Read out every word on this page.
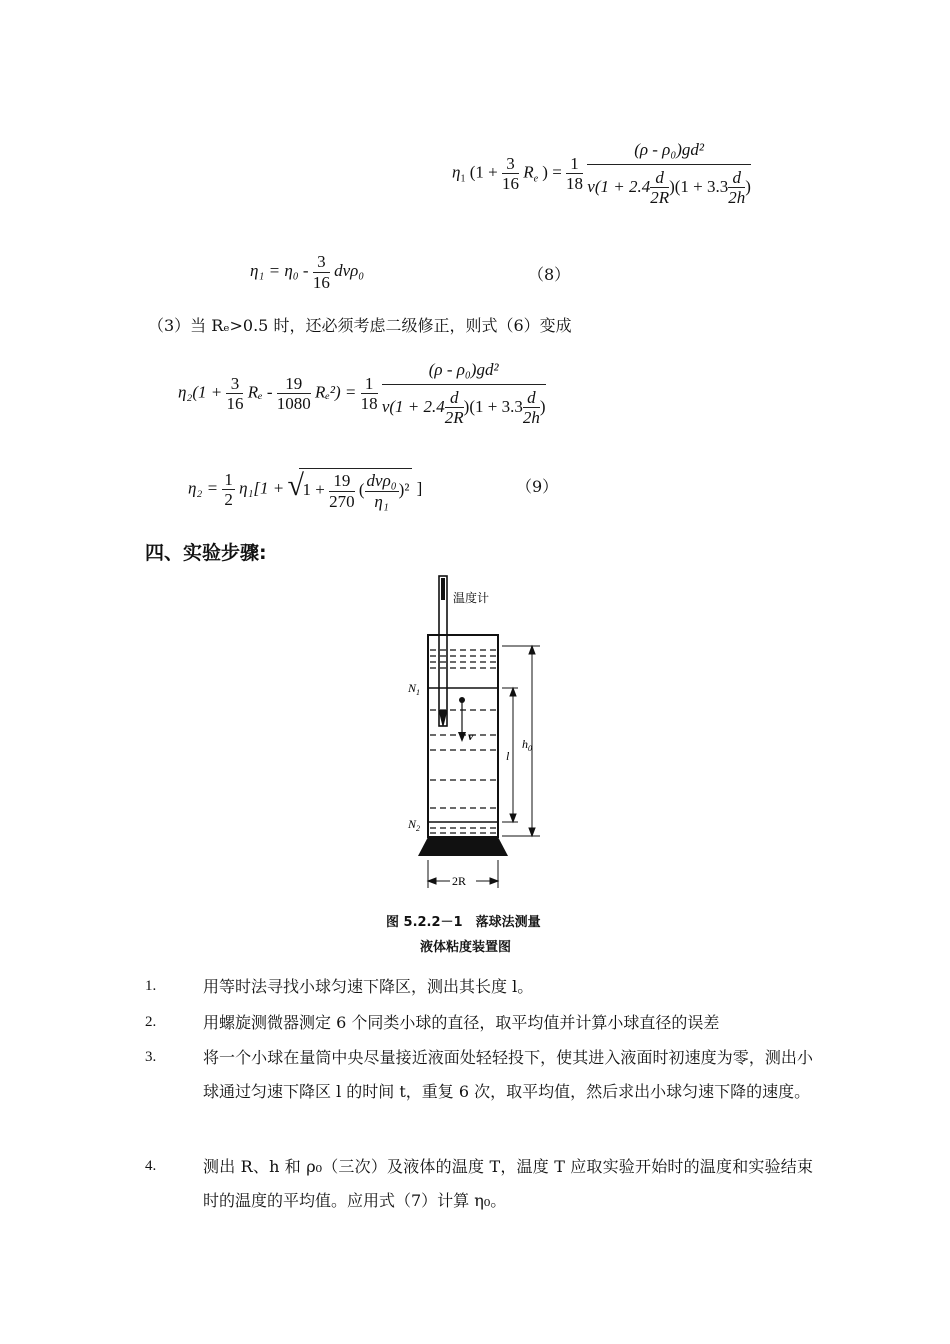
$\eta_1$ ($1 + \frac{3}{16} R_e$ ) = $\frac{1}{18}$
$\frac{\text{(ρ - ρ₀)gd²}}{v(1 + 2.4 \frac{d}{2R} )(1 + 3.3 \frac{d}{2h} )}$
$\eta_1 = \eta_0 - \frac{3}{16} dv\rho_0$	（8）
（3）当 Rₑ>0.5 时，还必须考虑二级修正，则式（6）变成
$\eta_2(1 + \frac{3}{16}$ $R_e - \frac{19}{1080} R_e^2) = \frac{1}{18}$
$\frac{\text{(ρ - ρ₀)gd²}}{v(1 + 2.4 \frac{d}{2R} )(1 + 3.3 \frac{d}{2h} )}$
$\eta_2 = \frac{1}{2} \eta_1[1$ + √
$1 + \frac{19}{270}$ ( $\frac{\text{dvρ₀}}{\text{η₁}} )^2$ ]	（9）
四、实验步骤:
温度计
$N_1$
$N_2$
v
l
$h_0$
2R
图 5.2.2－1　落球法测量
液体粘度装置图
1.	用等时法寻找小球匀速下降区，测出其长度 l。
2.	用螺旋测微器测定 6 个同类小球的直径，取平均值并计算小球直径的误差
3.	将一个小球在量筒中央尽量接近液面处轻轻投下，使其进入液面时初速度为零，测出小球通过匀速下降区 l 的时间 t，重复 6 次，取平均值，然后求出小球匀速下降的速度。
4.	测出 R、h 和 ρ₀（三次）及液体的温度 T，温度 T 应取实验开始时的温度和实验结束时的温度的平均值。应用式（7）计算 η₀。
